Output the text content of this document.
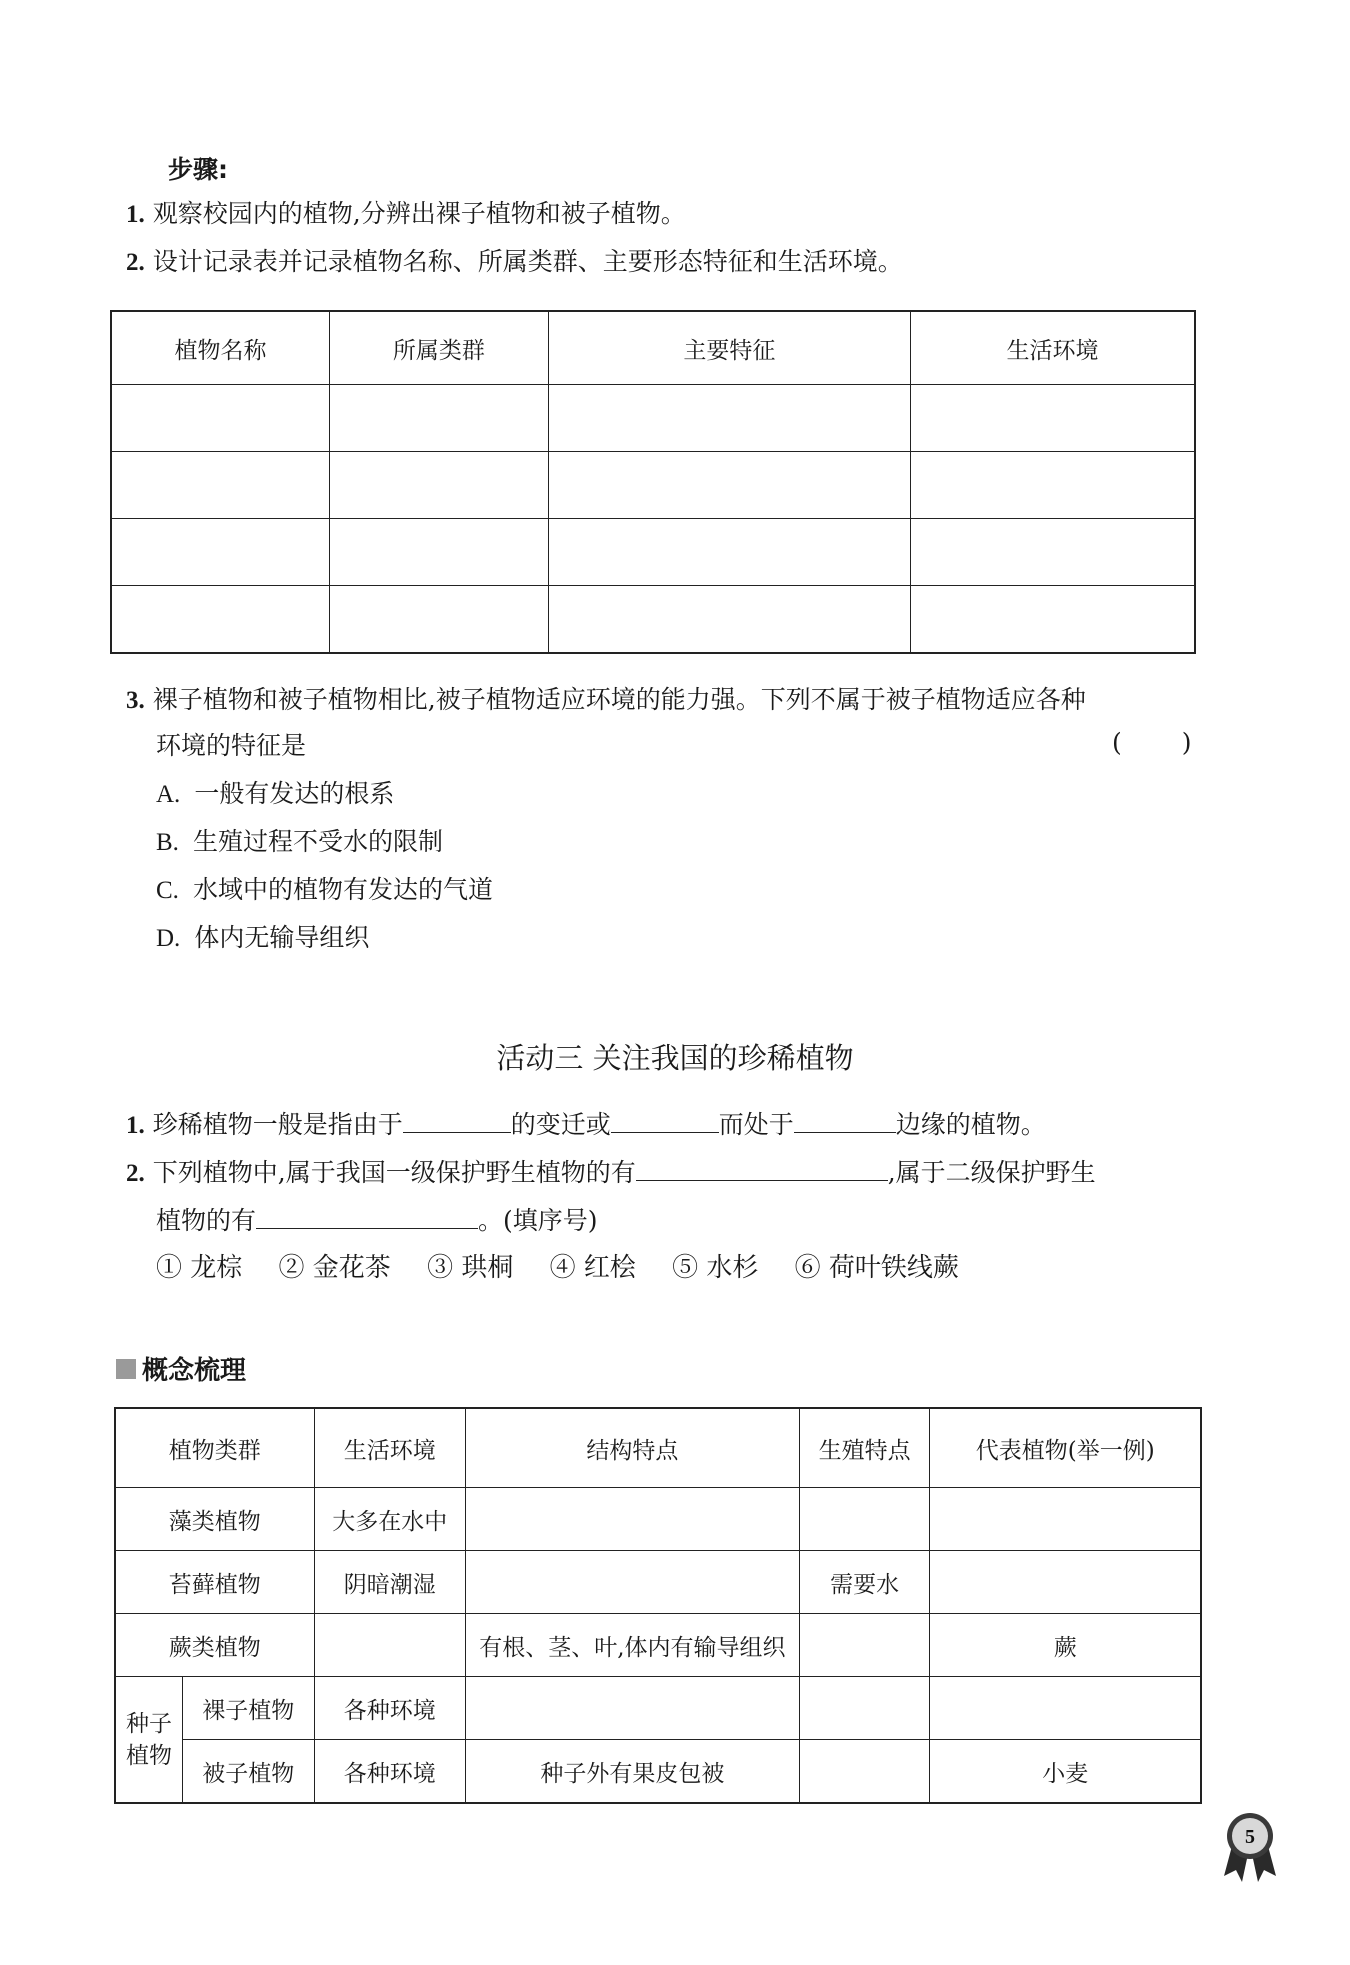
步骤:
1. 观察校园内的植物,分辨出裸子植物和被子植物。
2. 设计记录表并记录植物名称、所属类群、主要形态特征和生活环境。
植物名称	所属类群	主要特征	生活环境

3. 裸子植物和被子植物相比,被子植物适应环境的能力强。下列不属于被子植物适应各种
环境的特征是	( )
A. 一般有发达的根系
B. 生殖过程不受水的限制
C. 水域中的植物有发达的气道
D. 体内无输导组织
活动三 关注我国的珍稀植物
1. 珍稀植物一般是指由于	的变迁或	而处于	边缘的植物。
2. 下列植物中,属于我国一级保护野生植物的有	,属于二级保护野生
植物的有	。(填序号)
① 龙棕 ② 金花茶 ③ 珙桐 ④ 红桧 ⑤ 水杉 ⑥ 荷叶铁线蕨
概念梳理
植物类群		生活环境	结构特点	生殖特点	代表植物(举一例)
藻类植物		大多在水中			
苔藓植物		阴暗潮湿		需要水	
蕨类植物			有根、茎、叶,体内有输导组织		蕨
种子植物	裸子植物	各种环境			
	被子植物	各种环境	种子外有果皮包被		小麦
5
